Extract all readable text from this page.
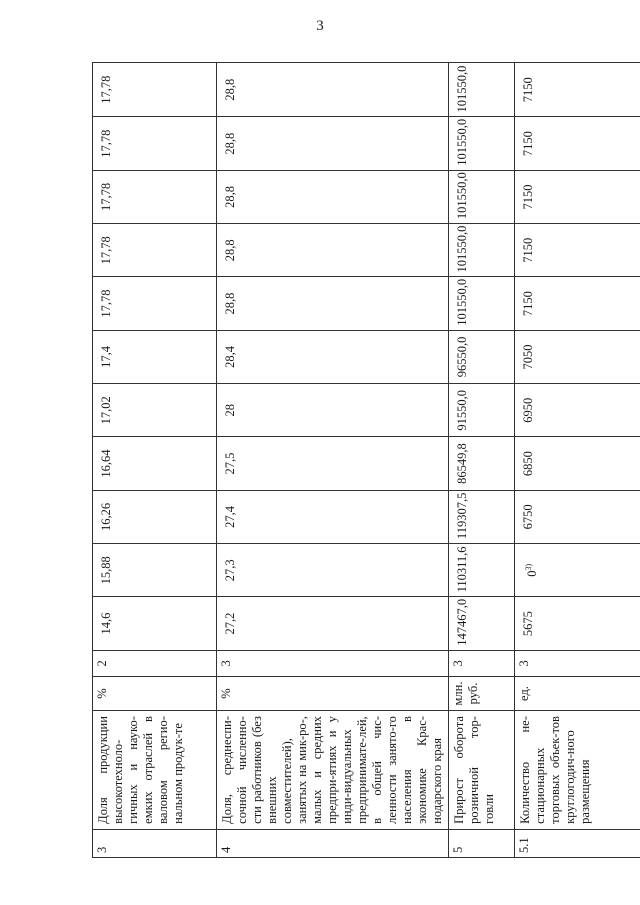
3
3	Доля продукции высокотехноло-гичных и науко-емких отраслей в валовом регио-нальном продук-те	%	2	14,6	15,88	16,26	16,64	17,02	17,4	17,78	17,78	17,78	17,78	17,78
4	Доля, среднеспи-сочной численно-сти работников (без внешних совместителей), занятых на мик-ро-, малых и средних предпри-ятиях и у инди-видуальных предпринимате-лей, в общей чис-ленности занято-го населения в экономике Крас-нодарского края	%	3	27,2	27,3	27,4	27,5	28	28,4	28,8	28,8	28,8	28,8	28,8
5	Прирост оборота розничной тор-говли	млн. руб.	3	147467,0	110311,6	119307,5	86549,8	91550,0	96550,0	101550,0	101550,0	101550,0	101550,0	101550,0
5.1	Количество не-стационарных торговых объек-тов круглогодич-ного размещения	ед.	3	5675	0$^{3)}$	6750	6850	6950	7050	7150	7150	7150	7150	7150
